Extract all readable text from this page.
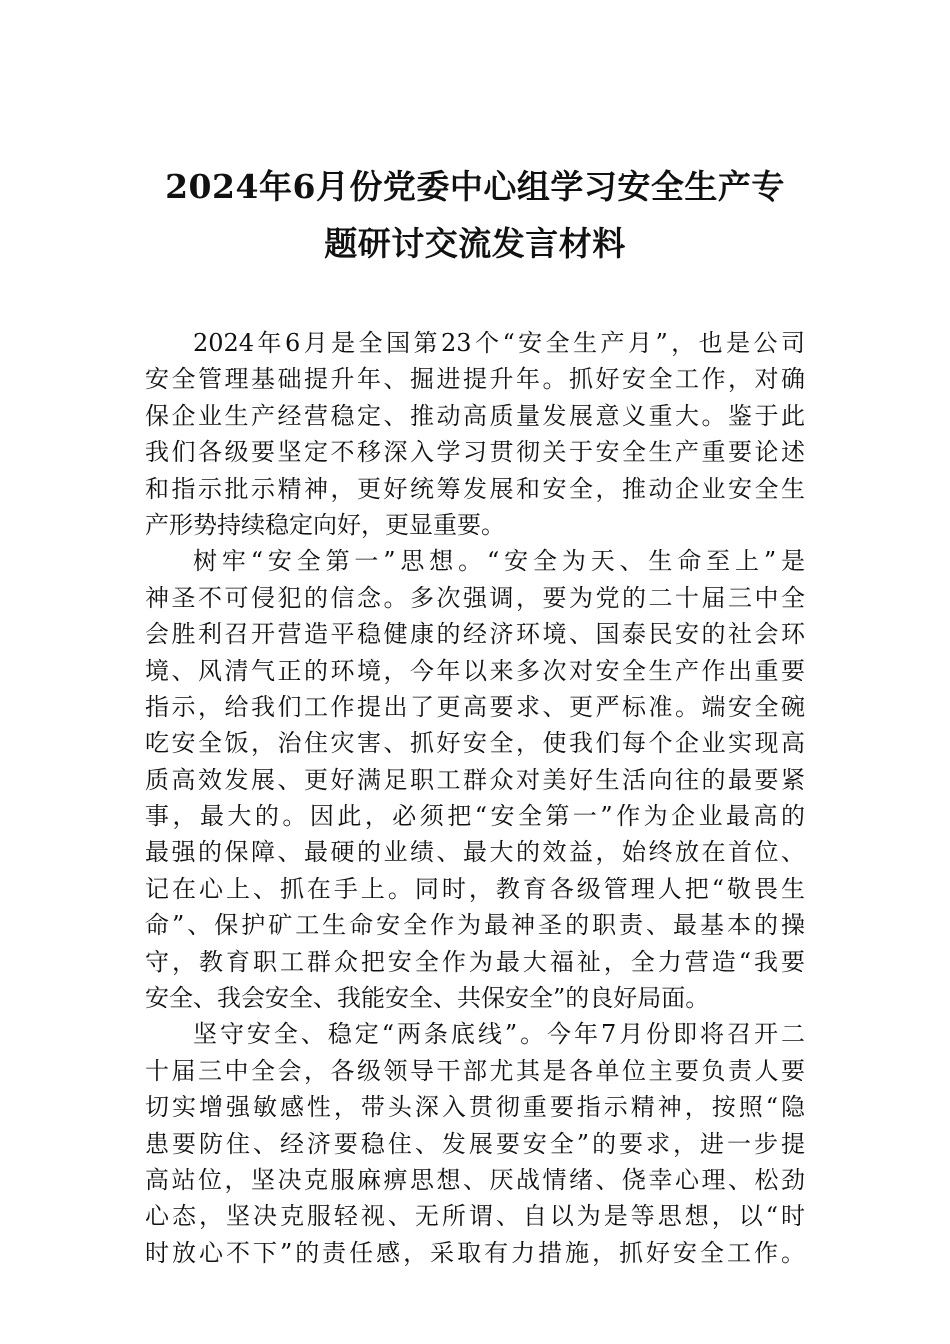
2024年6月份党委中心组学习安全生产专
题研讨交流发言材料
2024年6月是全国第23个“安全生产月”，也是公司
安全管理基础提升年、掘进提升年。抓好安全工作，对确
保企业生产经营稳定、推动高质量发展意义重大。鉴于此
我们各级要坚定不移深入学习贯彻关于安全生产重要论述
和指示批示精神，更好统筹发展和安全，推动企业安全生
产形势持续稳定向好，更显重要。
树牢“安全第一”思想。“安全为天、生命至上”是
神圣不可侵犯的信念。多次强调，要为党的二十届三中全
会胜利召开营造平稳健康的经济环境、国泰民安的社会环
境、风清气正的环境，今年以来多次对安全生产作出重要
指示，给我们工作提出了更高要求、更严标准。端安全碗
吃安全饭，治住灾害、抓好安全，使我们每个企业实现高
质高效发展、更好满足职工群众对美好生活向往的最要紧
事，最大的。因此，必须把“安全第一”作为企业最高的
最强的保障、最硬的业绩、最大的效益，始终放在首位、
记在心上、抓在手上。同时，教育各级管理人把“敬畏生
命”、保护矿工生命安全作为最神圣的职责、最基本的操
守，教育职工群众把安全作为最大福祉，全力营造“我要
安全、我会安全、我能安全、共保安全”的良好局面。
坚守安全、稳定“两条底线”。今年7月份即将召开二
十届三中全会，各级领导干部尤其是各单位主要负责人要
切实增强敏感性，带头深入贯彻重要指示精神，按照“隐
患要防住、经济要稳住、发展要安全”的要求，进一步提
高站位，坚决克服麻痹思想、厌战情绪、侥幸心理、松劲
心态，坚决克服轻视、无所谓、自以为是等思想，以“时
时放心不下”的责任感，采取有力措施，抓好安全工作。
